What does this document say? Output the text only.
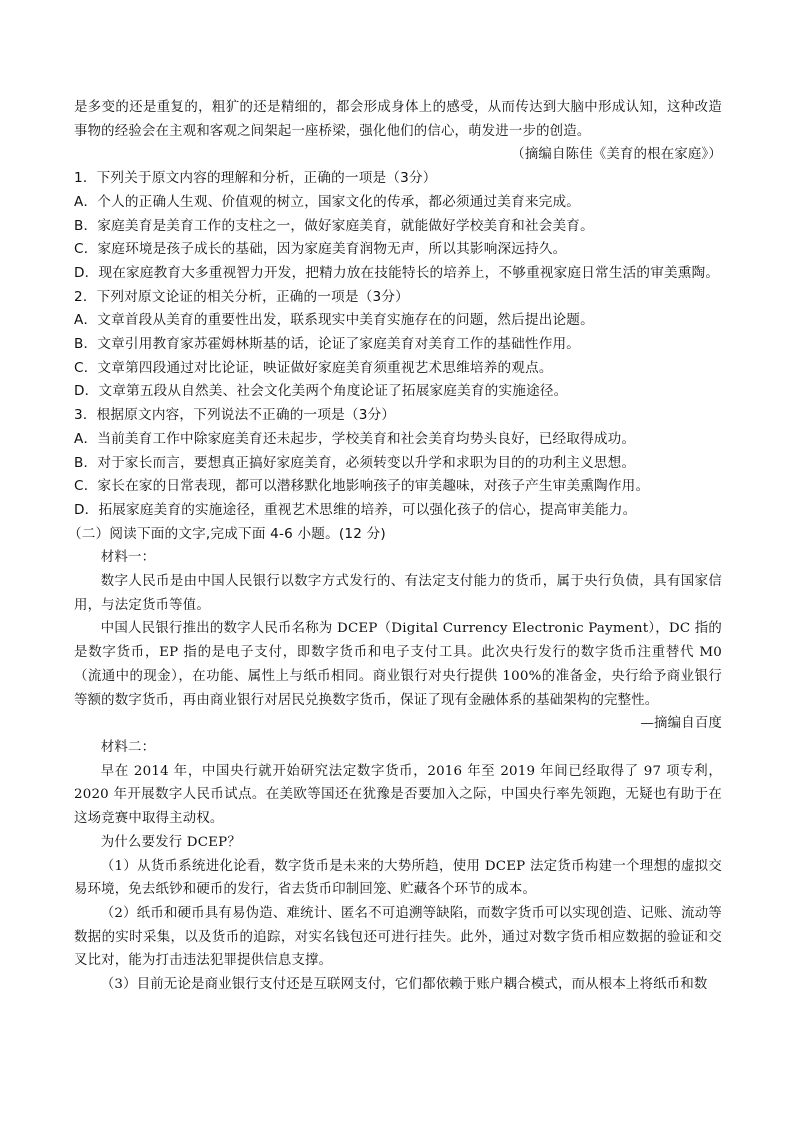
是多变的还是重复的，粗犷的还是精细的，都会形成身体上的感受，从而传达到大脑中形成认知，这种改造事物的经验会在主观和客观之间架起一座桥梁，强化他们的信心，萌发进一步的创造。

（摘编自陈佳《美育的根在家庭》）

1．下列关于原文内容的理解和分析，正确的一项是（3分）

A．个人的正确人生观、价值观的树立，国家文化的传承，都必须通过美育来完成。

B．家庭美育是美育工作的支柱之一，做好家庭美育，就能做好学校美育和社会美育。

C．家庭环境是孩子成长的基础，因为家庭美育润物无声，所以其影响深远持久。

D．现在家庭教育大多重视智力开发，把精力放在技能特长的培养上，不够重视家庭日常生活的审美熏陶。

2．下列对原文论证的相关分析，正确的一项是（3分）

A．文章首段从美育的重要性出发，联系现实中美育实施存在的问题，然后提出论题。

B．文章引用教育家苏霍姆林斯基的话，论证了家庭美育对美育工作的基础性作用。

C．文章第四段通过对比论证，映证做好家庭美育须重视艺术思维培养的观点。

D．文章第五段从自然美、社会文化美两个角度论证了拓展家庭美育的实施途径。

3．根据原文内容，下列说法不正确的一项是（3分）

A．当前美育工作中除家庭美育还未起步，学校美育和社会美育均势头良好，已经取得成功。

B．对于家长而言，要想真正搞好家庭美育，必须转变以升学和求职为目的的功利主义思想。

C．家长在家的日常表现，都可以潜移默化地影响孩子的审美趣味，对孩子产生审美熏陶作用。

D．拓展家庭美育的实施途径，重视艺术思维的培养，可以强化孩子的信心，提高审美能力。

（二）阅读下面的文字,完成下面 4-6 小题。(12 分)

材料一：

数字人民币是由中国人民银行以数字方式发行的、有法定支付能力的货币，属于央行负债，具有国家信用，与法定货币等值。

中国人民银行推出的数字人民币名称为 DCEP（Digital Currency Electronic Payment），DC 指的是数字货币，EP 指的是电子支付，即数字货币和电子支付工具。此次央行发行的数字货币注重替代 M0（流通中的现金），在功能、属性上与纸币相同。商业银行对央行提供 100%的准备金，央行给予商业银行等额的数字货币，再由商业银行对居民兑换数字货币，保证了现有金融体系的基础架构的完整性。

—摘编自百度

材料二：

早在 2014 年，中国央行就开始研究法定数字货币，2016 年至 2019 年间已经取得了 97 项专利，2020 年开展数字人民币试点。在美欧等国还在犹豫是否要加入之际，中国央行率先领跑，无疑也有助于在这场竞赛中取得主动权。

为什么要发行 DCEP？

（1）从货币系统进化论看，数字货币是未来的大势所趋，使用 DCEP 法定货币构建一个理想的虚拟交易环境，免去纸钞和硬币的发行，省去货币印制回笼、贮藏各个环节的成本。

（2）纸币和硬币具有易伪造、难统计、匿名不可追溯等缺陷，而数字货币可以实现创造、记账、流动等数据的实时采集，以及货币的追踪，对实名钱包还可进行挂失。此外，通过对数字货币相应数据的验证和交叉比对，能为打击违法犯罪提供信息支撑。

（3）目前无论是商业银行支付还是互联网支付，它们都依赖于账户耦合模式，而从根本上将纸币和数
